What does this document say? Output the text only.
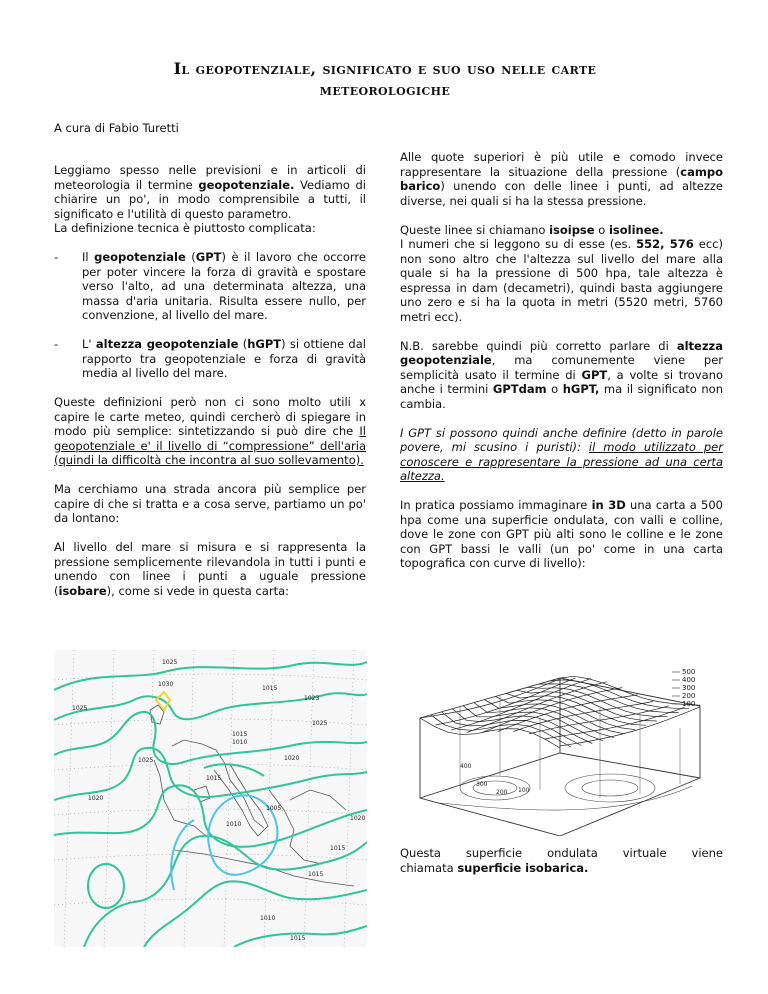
Il geopotenziale, significato e suo uso nelle carte
meteorologiche
A cura di Fabio Turetti

Leggiamo spesso nelle previsioni e in articoli di meteorologia il termine geopotenziale. Vediamo di chiarire un po', in modo comprensibile a tutti, il significato e l'utilità di questo parametro.
La definizione tecnica è piuttosto complicata:

-	Il geopotenziale (GPT) è il lavoro che occorre per poter vincere la forza di gravità e spostare verso l'alto, ad una determinata altezza, una massa d'aria unitaria. Risulta essere nullo, per convenzione, al livello del mare.
-	L' altezza geopotenziale (hGPT) si ottiene dal rapporto tra geopotenziale e forza di gravità media al livello del mare.

Queste definizioni però non ci sono molto utili x capire le carte meteo, quindi cercherò di spiegare in modo più semplice: sintetizzando si può dire che Il geopotenziale e' il livello di “compressione” dell'aria (quindi la difficoltà che incontra al suo sollevamento).

Ma cerchiamo una strada ancora più semplice per capire di che si tratta e a cosa serve, partiamo un po' da lontano:

Al livello del mare si misura e si rappresenta la pressione semplicemente rilevandola in tutti i punti e unendo con linee i punti a uguale pressione (isobare), come si vede in questa carta:

Alle quote superiori è più utile e comodo invece rappresentare la situazione della pressione (campo barico) unendo con delle linee i punti, ad altezze diverse, nei quali si ha la stessa pressione.

Queste linee si chiamano isoipse o isolinee.
I numeri che si leggono su di esse (es. 552, 576 ecc) non sono altro che l'altezza sul livello del mare alla quale si ha la pressione di 500 hpa, tale altezza è espressa in dam (decametri), quindi basta aggiungere uno zero e si ha la quota in metri (5520 metri, 5760 metri ecc).

N.B. sarebbe quindi più corretto parlare di altezza geopotenziale, ma comunemente viene per semplicità usato il termine di GPT, a volte si trovano anche i termini GPTdam o hGPT, ma il significato non cambia.

I GPT si possono quindi anche definire (detto in parole povere, mi scusino i puristi): il modo utilizzato per conoscere e rappresentare la pressione ad una certa altezza.

In pratica possiamo immaginare in 3D una carta a 500 hpa come una superficie ondulata, con valli e colline, dove le zone con GPT più alti sono le colline e le zone con GPT bassi le valli (un po' come in una carta topografica con curve di livello):

1025
1030
1015
1023
1025
1025
1015
1010
1020
1025
1015
1020
1020
1005
1010
1015
1015
1010
1015
500
400
300
200
100
400
300
200 100
Questa superficie ondulata virtuale viene
chiamata superficie isobarica.
